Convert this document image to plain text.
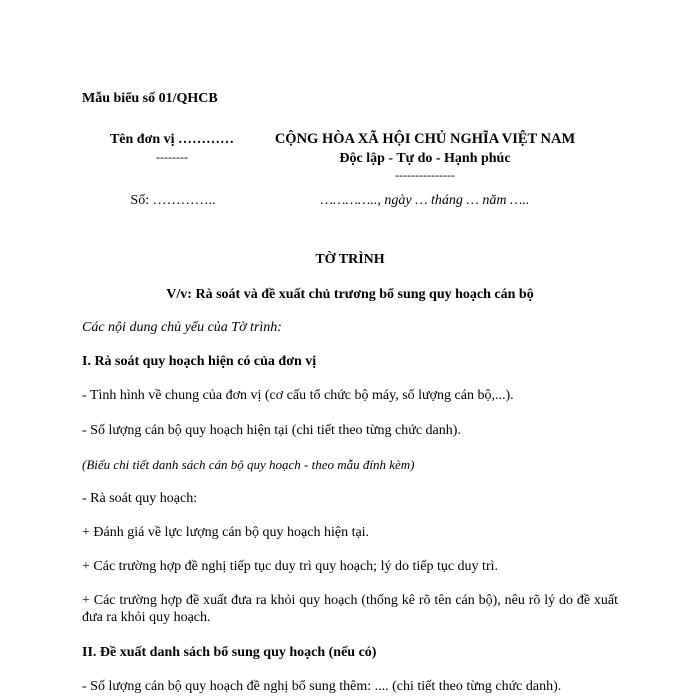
Mẫu biểu số 01/QHCB
Tên đơn vị …………
--------
CỘNG HÒA XÃ HỘI CHỦ NGHĨA VIỆT NAM
Độc lập - Tự do - Hạnh phúc
---------------
Số: …………..	………….., ngày … tháng … năm …..
TỜ TRÌNH
V/v: Rà soát và đề xuất chủ trương bổ sung quy hoạch cán bộ
Các nội dung chủ yếu của Tờ trình:
I. Rà soát quy hoạch hiện có của đơn vị
- Tình hình về chung của đơn vị (cơ cấu tổ chức bộ máy, số lượng cán bộ,...).
- Số lượng cán bộ quy hoạch hiện tại (chi tiết theo từng chức danh).
(Biểu chi tiết danh sách cán bộ quy hoạch - theo mẫu đính kèm)
- Rà soát quy hoạch:
+ Đánh giá về lực lượng cán bộ quy hoạch hiện tại.
+ Các trường hợp đề nghị tiếp tục duy trì quy hoạch; lý do tiếp tục duy trì.
+ Các trường hợp đề xuất đưa ra khỏi quy hoạch (thống kê rõ tên cán bộ), nêu rõ lý do đề xuất đưa ra khỏi quy hoạch.
II. Đề xuất danh sách bổ sung quy hoạch (nếu có)
- Số lượng cán bộ quy hoạch đề nghị bổ sung thêm: .... (chi tiết theo từng chức danh).
